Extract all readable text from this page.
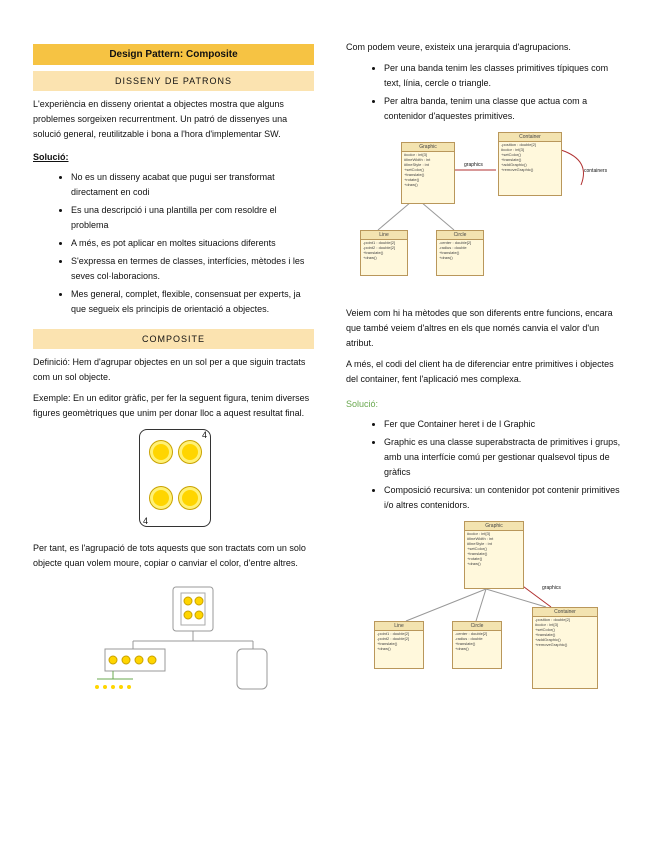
Design Pattern: Composite
DISSENY DE PATRONS

L'experiència en disseny orientat a objectes mostra que alguns problemes sorgeixen recurrentment. Un patró de dissenyes una solució general, reutilitzable i bona a l'hora d'implementar SW.

Solució:
• No es un disseny acabat que pugui ser transformat directament en codi
• Es una descripció i una plantilla per com resoldre el problema
• A més, es pot aplicar en moltes situacions diferents
• S'expressa en termes de classes, interfícies, mètodes i les seves col·laboracions.
• Mes general, complet, flexible, consensuat per experts, ja que segueix els principis de orientació a objectes.
COMPOSITE

Definició: Hem d'agrupar objectes en un sol per a que siguin tractats com un sol objecte.

Exemple: En un editor gràfic, per fer la seguent figura, tenim diverses figures geomètriques que unim per donar lloc a aquest resultat final.

4
4

Per tant, es l'agrupació de tots aquests que son tractats com un solo objecte quan volem moure, copiar o canviar el color, d'entre altres.

Com podem veure, existeix una jerarquia d'agrupacions.

• Per una banda tenim les classes primitives típiques com text, línia, cercle o triangle.
• Per altra banda, tenim una classe que actua com a contenidor d'aquestes primitives.
Graphic
#color : int[3]
#lineWidth : int
#lineStyle : int
+setColor()
+translate()
+rotate()
+draw()
Container
-position : double[2]
#color : int[3]
+setColor()
+translate()
+addGraphic()
+removeGraphic()
graphics
containers
Line
-point1 : double[2]
-point2 : double[2]
+translate()
+draw()
Circle
-center : double[2]
-radius : double
+translate()
+draw()

Veiem com hi ha mètodes que son diferents entre funcions, encara que també veiem d'altres en els que només canvia el valor d'un atribut.

A més, el codi del client ha de diferenciar entre primitives i objectes del container, fent l'aplicació mes complexa.

Solució:
• Fer que Container heret i de l Graphic
• Graphic es una classe superabstracta de primitives i grups, amb una interfície comú per gestionar qualsevol tipus de gràfics
• Composició recursiva: un contenidor pot contenir primitives i/o altres contenidors.
Graphic
#color : int[3]
#lineWidth : int
#lineStyle : int
+setColor()
+translate()
+rotate()
+draw()
graphics
Line
-point1 : double[2]
-point2 : double[2]
+translate()
+draw()
Circle
-center : double[2]
-radius : double
+translate()
+draw()
Container
-position : double[2]
#color : int[3]
+setColor()
+translate()
+addGraphic()
+removeGraphic()
